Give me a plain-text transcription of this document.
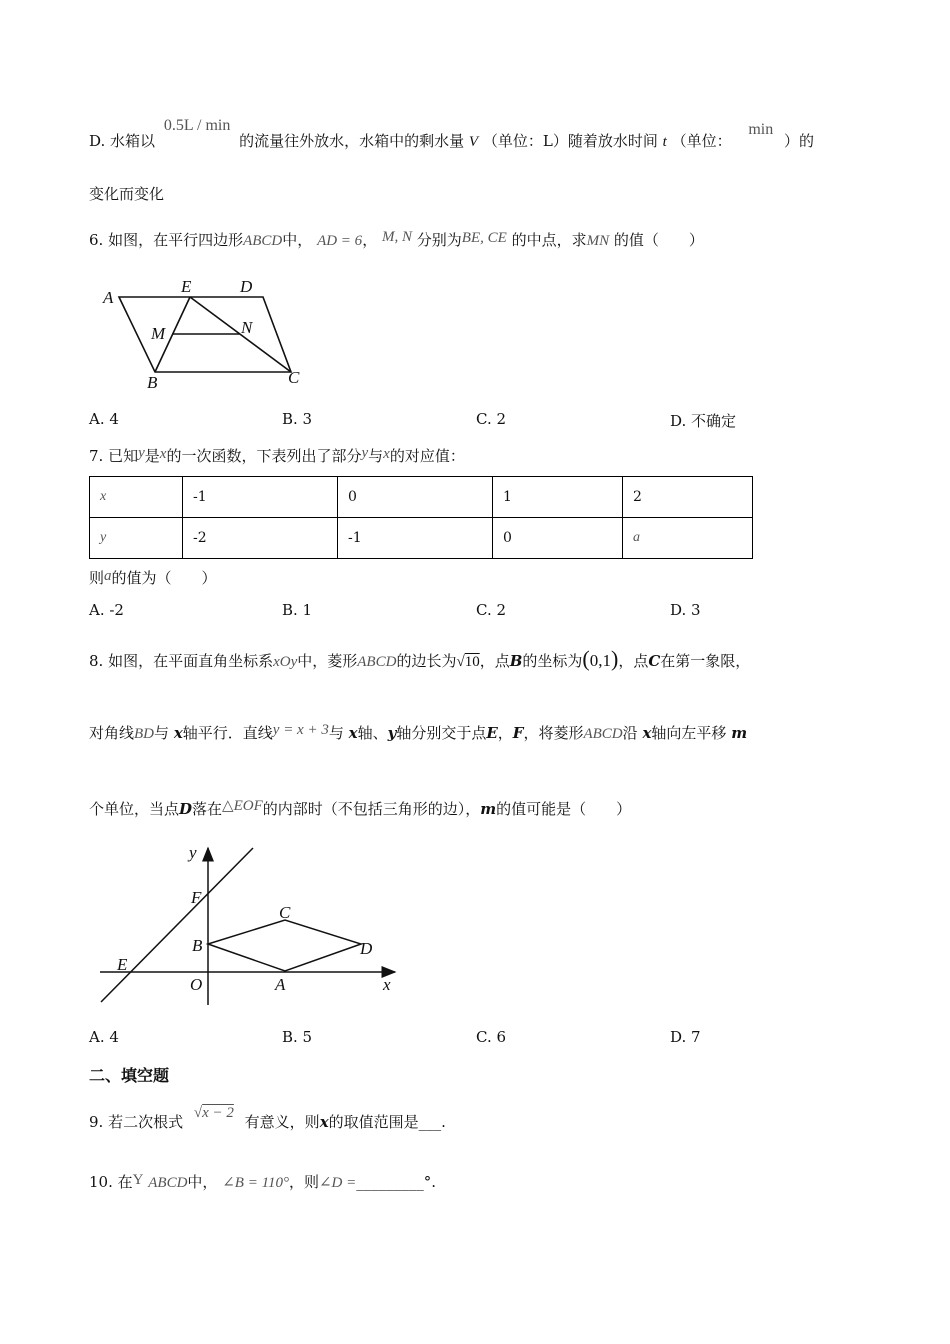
D. 水箱以 0.5L / min 的流量往外放水，水箱中的剩水量 V （单位：L）随着放水时间 t （单位： min ）的
变化而变化
6. 如图，在平行四边形ABCD中， AD = 6， M, N 分别为BE, CE 的中点，求MN 的值（　　）
A
E	D
M	N
B	C
A. 4	B. 3	C. 2	D. 不确定
7. 已知y是x的一次函数，下表列出了部分y与x的对应值：
x	-1	0	1	2
y	-2	-1	0	a
则a的值为（　　）
A. -2	B. 1	C. 2	D. 3
8. 如图，在平面直角坐标系xOy中，菱形ABCD的边长为√10，点B的坐标为(0,1)，点C在第一象限，
对角线BD与 x轴平行．直线y = x + 3与 x轴、y轴分别交于点E，F，将菱形ABCD沿 x轴向左平移 m
个单位，当点D落在△EOF的内部时（不包括三角形的边），m的值可能是（　　）
y
F
C
B	D
E
O	A	x
A. 4	B. 5	C. 6	D. 7
二、填空题
9. 若二次根式 √x − 2 有意义，则x的取值范围是___.
10. 在Y ABCD中， ∠B = 110°，则∠D =_________°.
